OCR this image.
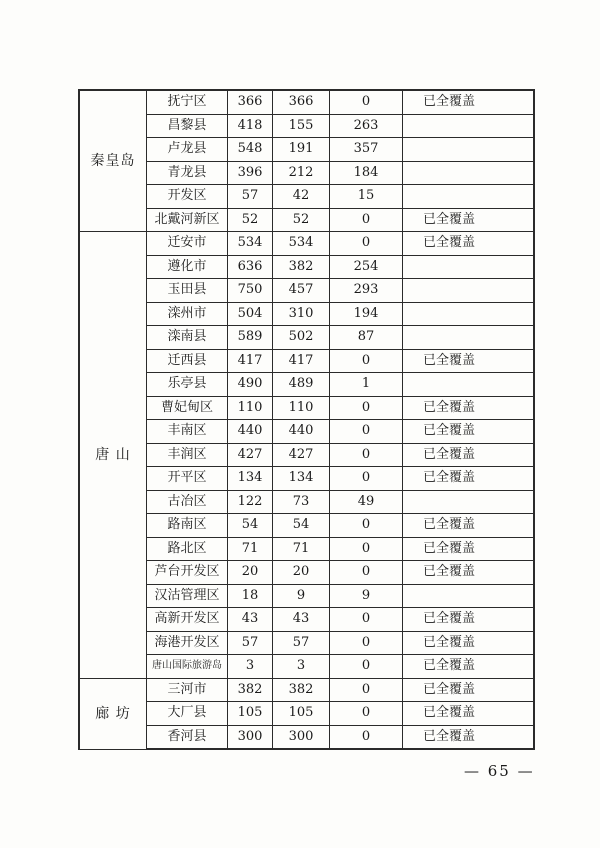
秦皇岛	抚宁区	366	366	0	已全覆盖
	昌黎县	418	155	263	
	卢龙县	548	191	357	
	青龙县	396	212	184	
	开发区	57	42	15	
	北戴河新区	52	52	0	已全覆盖
唐 山	迁安市	534	534	0	已全覆盖
	遵化市	636	382	254	
	玉田县	750	457	293	
	滦州市	504	310	194	
	滦南县	589	502	87	
	迁西县	417	417	0	已全覆盖
	乐亭县	490	489	1	
	曹妃甸区	110	110	0	已全覆盖
	丰南区	440	440	0	已全覆盖
	丰润区	427	427	0	已全覆盖
	开平区	134	134	0	已全覆盖
	古冶区	122	73	49	
	路南区	54	54	0	已全覆盖
	路北区	71	71	0	已全覆盖
	芦台开发区	20	20	0	已全覆盖
	汉沽管理区	18	9	9	
	高新开发区	43	43	0	已全覆盖
	海港开发区	57	57	0	已全覆盖
	唐山国际旅游岛	3	3	0	已全覆盖
廊 坊	三河市	382	382	0	已全覆盖
	大厂县	105	105	0	已全覆盖
	香河县	300	300	0	已全覆盖
— 65 —
